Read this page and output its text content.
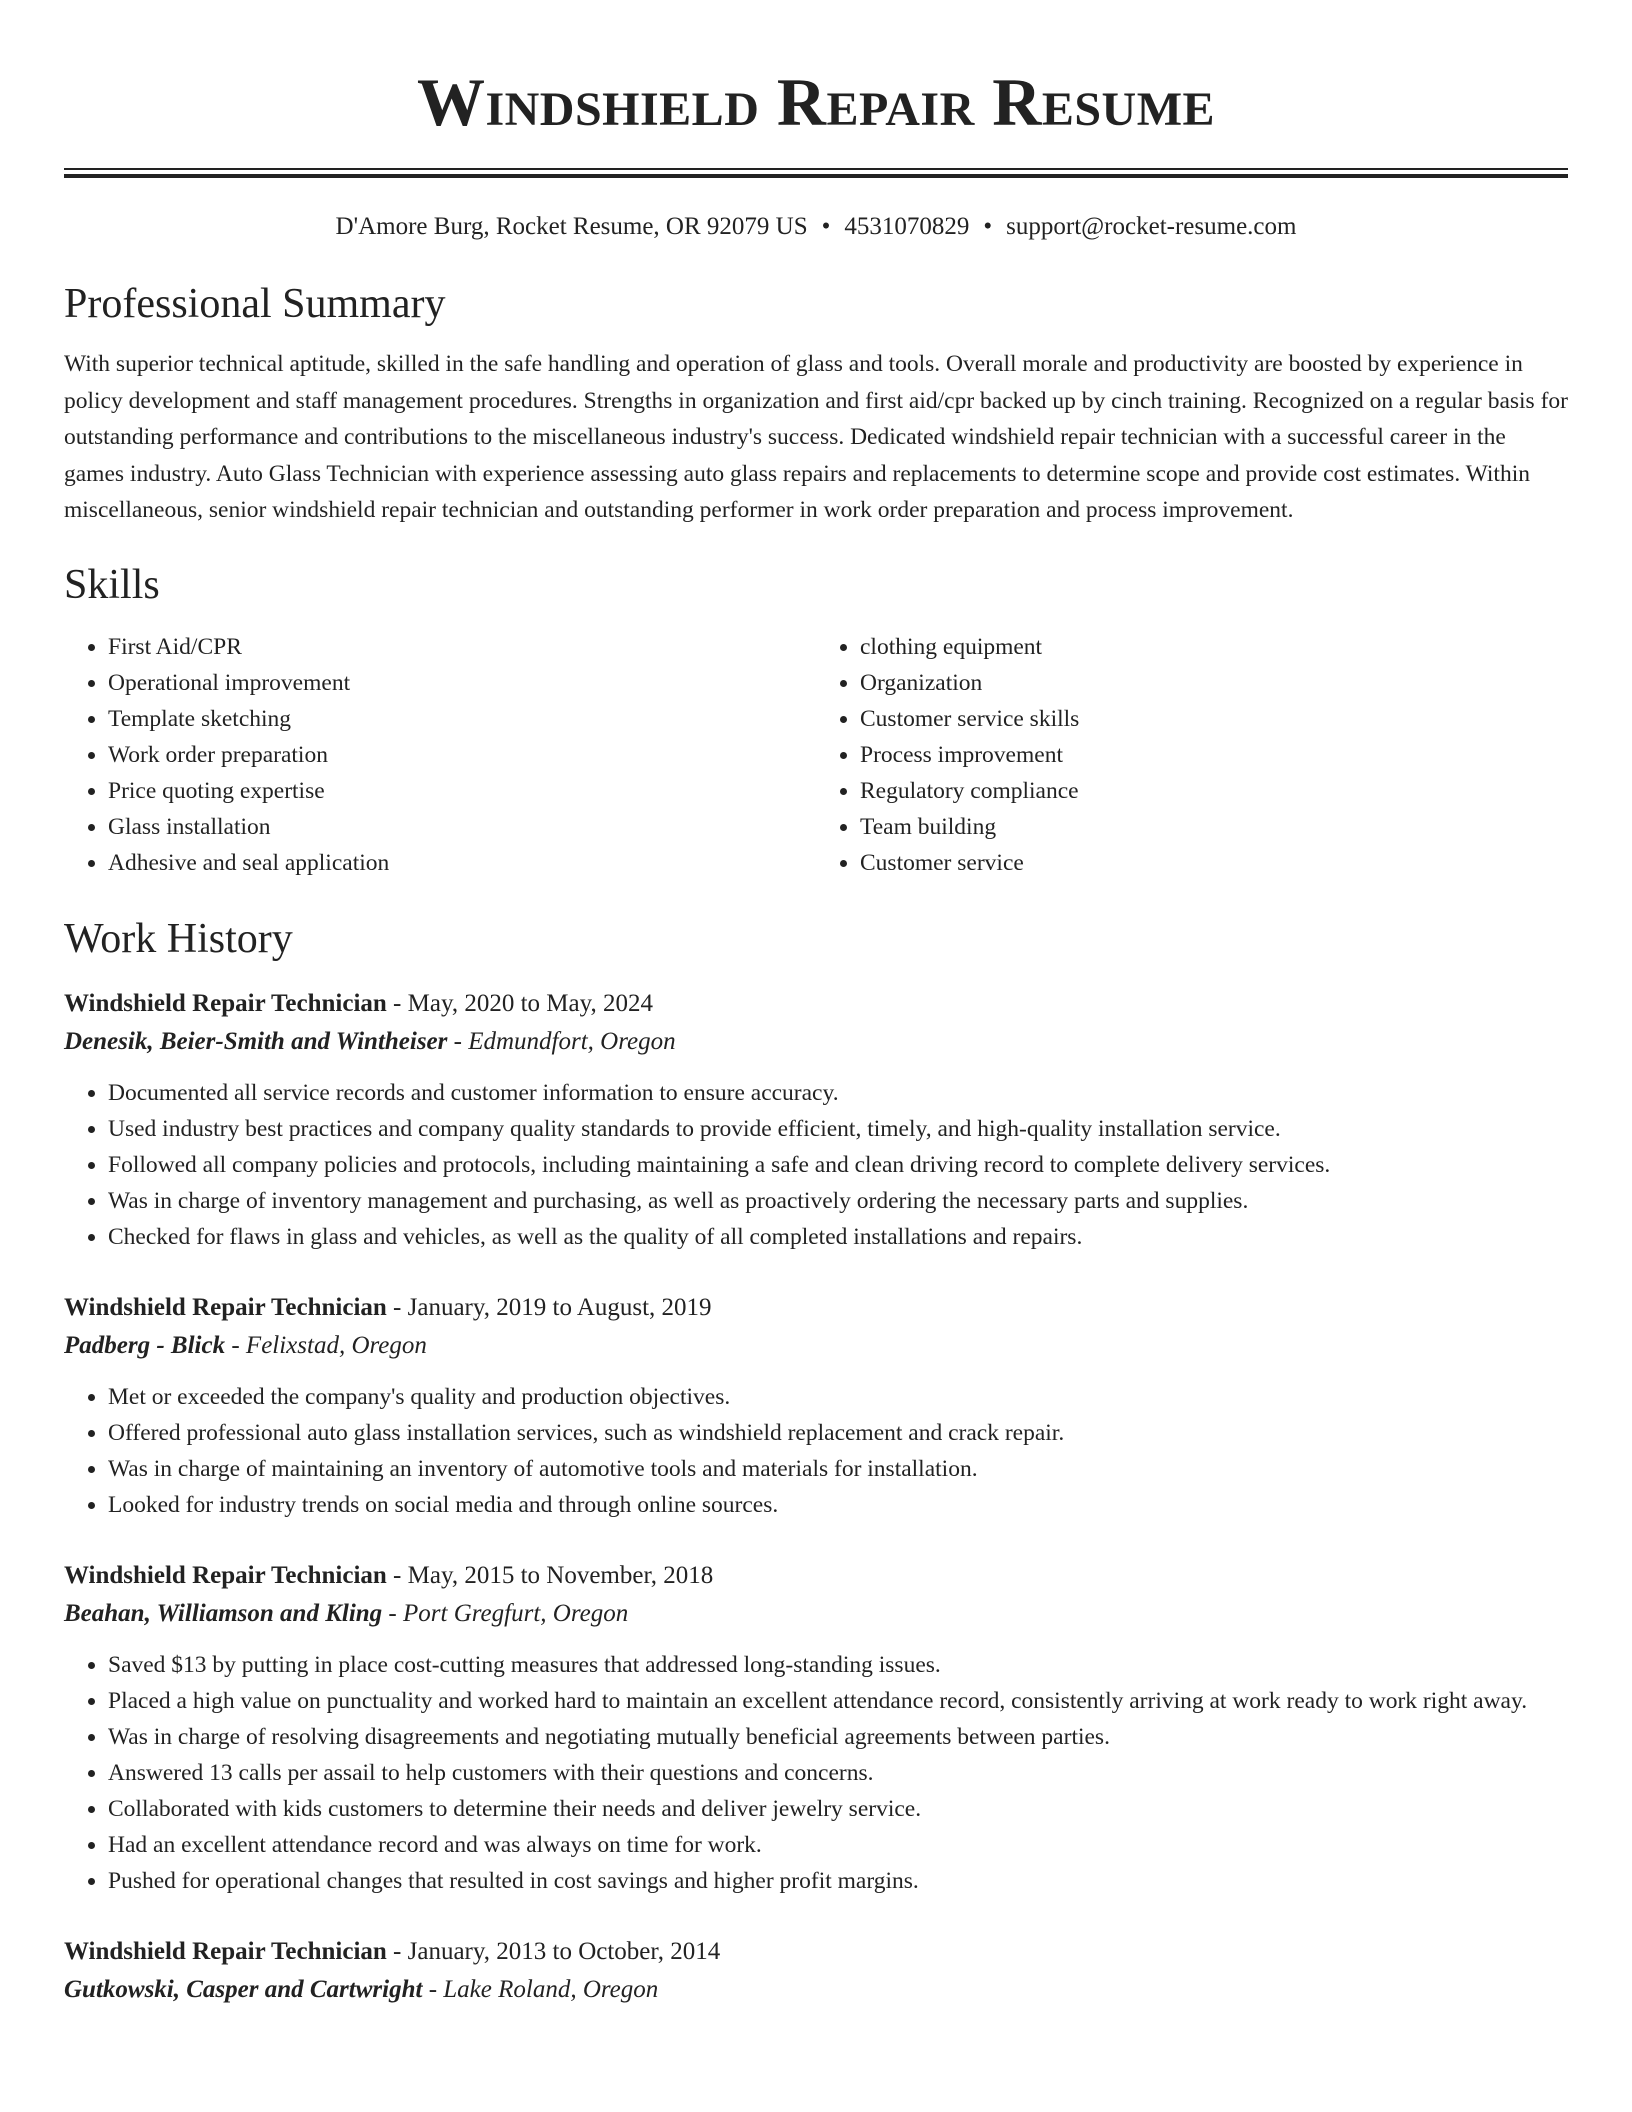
Windshield Repair Resume
D'Amore Burg, Rocket Resume, OR 92079 US • 4531070829 • support@rocket-resume.com
Professional Summary
With superior technical aptitude, skilled in the safe handling and operation of glass and tools. Overall morale and productivity are boosted by experience in policy development and staff management procedures. Strengths in organization and first aid/cpr backed up by cinch training. Recognized on a regular basis for outstanding performance and contributions to the miscellaneous industry's success. Dedicated windshield repair technician with a successful career in the games industry. Auto Glass Technician with experience assessing auto glass repairs and replacements to determine scope and provide cost estimates. Within miscellaneous, senior windshield repair technician and outstanding performer in work order preparation and process improvement.
Skills
• First Aid/CPR
• Operational improvement
• Template sketching
• Work order preparation
• Price quoting expertise
• Glass installation
• Adhesive and seal application
• clothing equipment
• Organization
• Customer service skills
• Process improvement
• Regulatory compliance
• Team building
• Customer service
Work History
Windshield Repair Technician - May, 2020 to May, 2024
Denesik, Beier-Smith and Wintheiser - Edmundfort, Oregon
• Documented all service records and customer information to ensure accuracy.
• Used industry best practices and company quality standards to provide efficient, timely, and high-quality installation service.
• Followed all company policies and protocols, including maintaining a safe and clean driving record to complete delivery services.
• Was in charge of inventory management and purchasing, as well as proactively ordering the necessary parts and supplies.
• Checked for flaws in glass and vehicles, as well as the quality of all completed installations and repairs.
Windshield Repair Technician - January, 2019 to August, 2019
Padberg - Blick - Felixstad, Oregon
• Met or exceeded the company's quality and production objectives.
• Offered professional auto glass installation services, such as windshield replacement and crack repair.
• Was in charge of maintaining an inventory of automotive tools and materials for installation.
• Looked for industry trends on social media and through online sources.
Windshield Repair Technician - May, 2015 to November, 2018
Beahan, Williamson and Kling - Port Gregfurt, Oregon
• Saved $13 by putting in place cost-cutting measures that addressed long-standing issues.
• Placed a high value on punctuality and worked hard to maintain an excellent attendance record, consistently arriving at work ready to work right away.
• Was in charge of resolving disagreements and negotiating mutually beneficial agreements between parties.
• Answered 13 calls per assail to help customers with their questions and concerns.
• Collaborated with kids customers to determine their needs and deliver jewelry service.
• Had an excellent attendance record and was always on time for work.
• Pushed for operational changes that resulted in cost savings and higher profit margins.
Windshield Repair Technician - January, 2013 to October, 2014
Gutkowski, Casper and Cartwright - Lake Roland, Oregon
